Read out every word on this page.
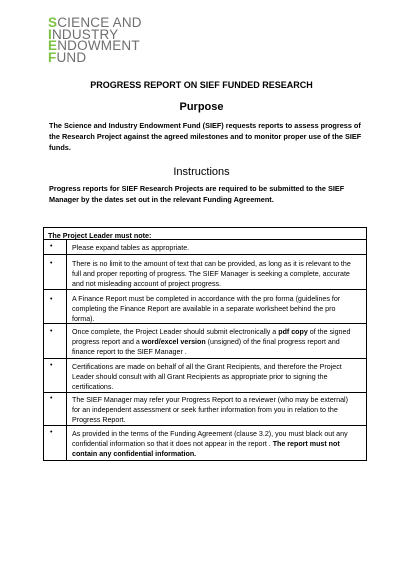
SCIENCE AND
INDUSTRY
ENDOWMENT
FUND
PROGRESS REPORT ON SIEF FUNDED RESEARCH
Purpose
The Science and Industry Endowment Fund (SIEF) requests reports to assess progress of the Research Project against the agreed milestones and to monitor proper use of the SIEF funds.
Instructions
Progress reports for SIEF Research Projects are required to be submitted to the SIEF Manager by the dates set out in the relevant Funding Agreement.
The Project Leader must note:
•	Please expand tables as appropriate.
•	There is no limit to the amount of text that can be provided, as long as it is relevant to the full and proper reporting of progress. The SIEF Manager is seeking a complete, accurate and not misleading account of project progress.
•	A Finance Report must be completed in accordance with the pro forma (guidelines for completing the Finance Report are available in a separate worksheet behind the pro forma).
•	Once complete, the Project Leader should submit electronically a pdf copy of the signed progress report and a word/excel version (unsigned) of the final progress report and finance report to the SIEF Manager .
•	Certifications are made on behalf of all the Grant Recipients, and therefore the Project Leader should consult with all Grant Recipients as appropriate prior to signing the certifications.
•	The SIEF Manager may refer your Progress Report to a reviewer (who may be external) for an independent assessment or seek further information from you in relation to the Progress Report.
•	As provided in the terms of the Funding Agreement (clause 3.2), you must black out any confidential information so that it does not appear in the report . The report must not contain any confidential information.
